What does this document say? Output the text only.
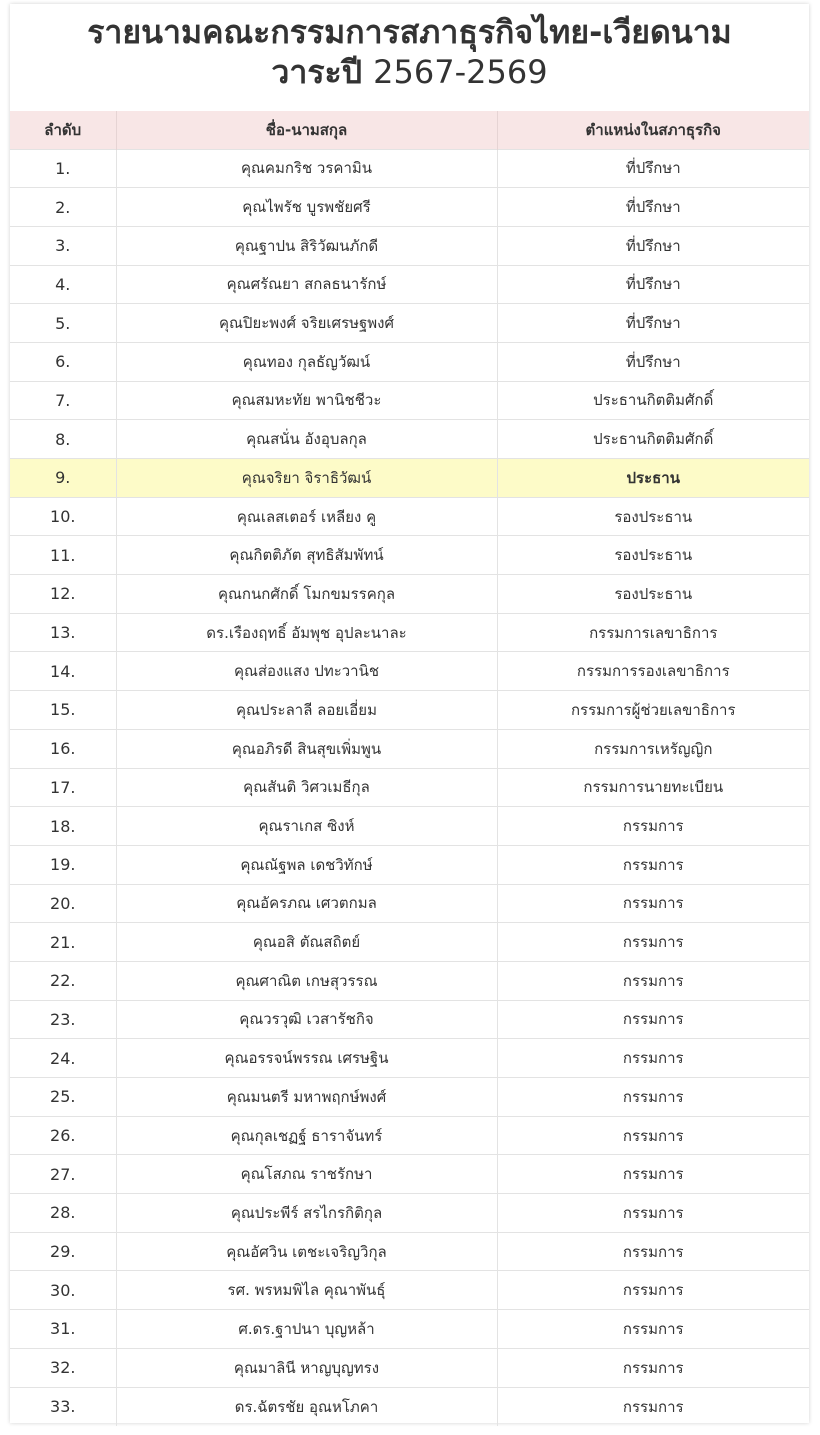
รายนามคณะกรรมการสภาธุรกิจไทย-เวียดนาม
วาระปี 2567-2569
ลำดับ	ชื่อ-นามสกุล	ตำแหน่งในสภาธุรกิจ
1.	คุณคมกริช วรคามิน	ที่ปรึกษา
2.	คุณไพรัช บูรพชัยศรี	ที่ปรึกษา
3.	คุณฐาปน สิริวัฒนภักดี	ที่ปรึกษา
4.	คุณศรัณยา สกลธนารักษ์	ที่ปรึกษา
5.	คุณปิยะพงศ์ จริยเศรษฐพงศ์	ที่ปรึกษา
6.	คุณทอง กุลธัญวัฒน์	ที่ปรึกษา
7.	คุณสมหะทัย พานิชชีวะ	ประธานกิตติมศักดิ์
8.	คุณสนั่น อังอุบลกุล	ประธานกิตติมศักดิ์
9.	คุณจริยา จิราธิวัฒน์	ประธาน
10.	คุณเลสเตอร์ เหลียง คู	รองประธาน
11.	คุณกิตติภัต สุทธิสัมพัทน์	รองประธาน
12.	คุณกนกศักดิ์ โมกขมรรคกุล	รองประธาน
13.	ดร.เรืองฤทธิ์ อัมพุช อุปละนาละ	กรรมการเลขาธิการ
14.	คุณส่องแสง ปทะวานิช	กรรมการรองเลขาธิการ
15.	คุณประลาลี ลอยเอี่ยม	กรรมการผู้ช่วยเลขาธิการ
16.	คุณอภิรดี สินสุขเพิ่มพูน	กรรมการเหรัญญิก
17.	คุณสันติ วิศวเมธีกุล	กรรมการนายทะเบียน
18.	คุณราเกส ซิงห์	กรรมการ
19.	คุณณัฐพล เดชวิทักษ์	กรรมการ
20.	คุณอัครภณ เศวตกมล	กรรมการ
21.	คุณอสิ ตัณสถิตย์	กรรมการ
22.	คุณศาณิต เกษสุวรรณ	กรรมการ
23.	คุณวรวุฒิ เวสารัชกิจ	กรรมการ
24.	คุณอรรจน์พรรณ เศรษฐิน	กรรมการ
25.	คุณมนตรี มหาพฤกษ์พงศ์	กรรมการ
26.	คุณกุลเชฏฐ์ ธาราจันทร์	กรรมการ
27.	คุณโสภณ ราชรักษา	กรรมการ
28.	คุณประพีร์ สรไกรกิติกุล	กรรมการ
29.	คุณอัศวิน เตชะเจริญวิกุล	กรรมการ
30.	รศ. พรหมพิไล คุณาพันธุ์	กรรมการ
31.	ศ.ดร.ฐาปนา บุญหล้า	กรรมการ
32.	คุณมาลินี หาญบุญทรง	กรรมการ
33.	ดร.ฉัตรชัย อุณหโภคา	กรรมการ
